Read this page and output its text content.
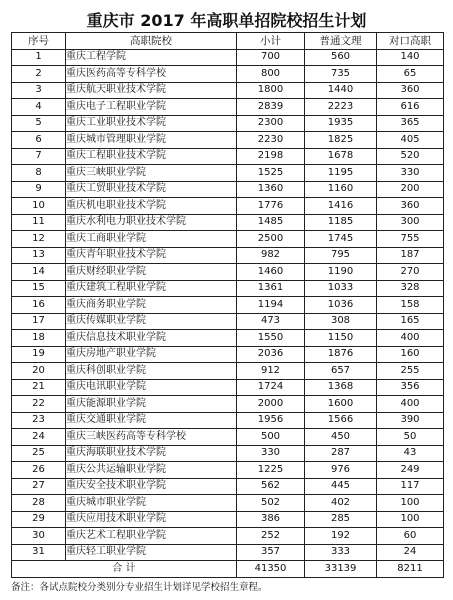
重庆市 2017 年高职单招院校招生计划
序号	高职院校	小计	普通文理	对口高职
1	重庆工程学院	700	560	140
2	重庆医药高等专科学校	800	735	65
3	重庆航天职业技术学院	1800	1440	360
4	重庆电子工程职业学院	2839	2223	616
5	重庆工业职业技术学院	2300	1935	365
6	重庆城市管理职业学院	2230	1825	405
7	重庆工程职业技术学院	2198	1678	520
8	重庆三峡职业学院	1525	1195	330
9	重庆工贸职业技术学院	1360	1160	200
10	重庆机电职业技术学院	1776	1416	360
11	重庆水利电力职业技术学院	1485	1185	300
12	重庆工商职业学院	2500	1745	755
13	重庆青年职业技术学院	982	795	187
14	重庆财经职业学院	1460	1190	270
15	重庆建筑工程职业学院	1361	1033	328
16	重庆商务职业学院	1194	1036	158
17	重庆传媒职业学院	473	308	165
18	重庆信息技术职业学院	1550	1150	400
19	重庆房地产职业学院	2036	1876	160
20	重庆科创职业学院	912	657	255
21	重庆电讯职业学院	1724	1368	356
22	重庆能源职业学院	2000	1600	400
23	重庆交通职业学院	1956	1566	390
24	重庆三峡医药高等专科学校	500	450	50
25	重庆海联职业技术学院	330	287	43
26	重庆公共运输职业学院	1225	976	249
27	重庆安全技术职业学院	562	445	117
28	重庆城市职业学院	502	402	100
29	重庆应用技术职业学院	386	285	100
30	重庆艺术工程职业学院	252	192	60
31	重庆轻工职业学院	357	333	24
合 计		41350	33139	8211
备注：各试点院校分类别分专业招生计划详见学校招生章程。
